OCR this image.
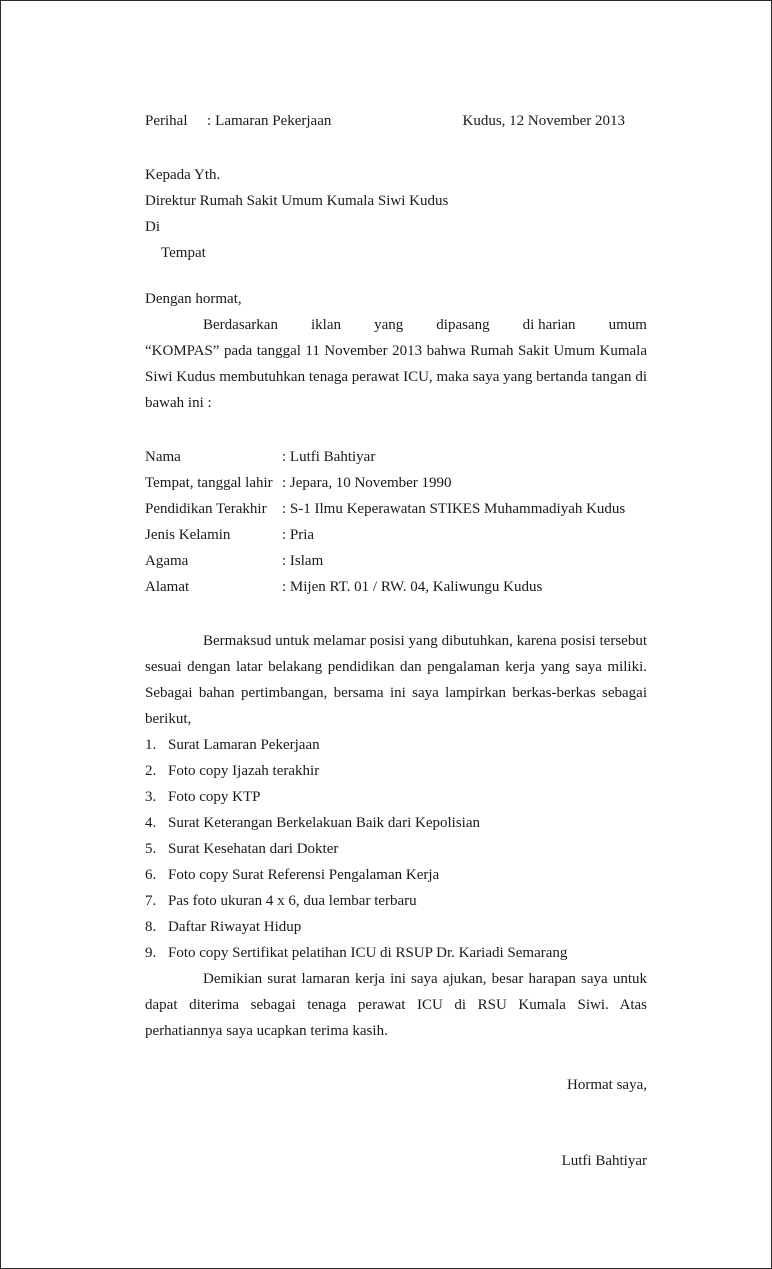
Perihal : Lamaran Pekerjaan	Kudus, 12 November 2013
Kepada Yth.
Direktur Rumah Sakit Umum Kumala Siwi Kudus
Di
Tempat
Dengan hormat,
Berdasarkan iklan yang dipasang di harian umum
“KOMPAS” pada tanggal 11 November 2013 bahwa Rumah Sakit Umum Kumala Siwi Kudus membutuhkan tenaga perawat ICU, maka saya yang bertanda tangan di bawah ini :
Nama	: Lutfi Bahtiyar
Tempat, tanggal lahir : Jepara, 10 November 1990
Pendidikan Terakhir : S-1 Ilmu Keperawatan STIKES Muhammadiyah Kudus
Jenis Kelamin	: Pria
Agama	: Islam
Alamat	: Mijen RT. 01 / RW. 04, Kaliwungu Kudus
Bermaksud untuk melamar posisi yang dibutuhkan, karena posisi tersebut sesuai dengan latar belakang pendidikan dan pengalaman kerja yang saya miliki. Sebagai bahan pertimbangan, bersama ini saya lampirkan berkas-berkas sebagai berikut,
1. Surat Lamaran Pekerjaan
2. Foto copy Ijazah terakhir
3. Foto copy KTP
4. Surat Keterangan Berkelakuan Baik dari Kepolisian
5. Surat Kesehatan dari Dokter
6. Foto copy Surat Referensi Pengalaman Kerja
7. Pas foto ukuran 4 x 6, dua lembar terbaru
8. Daftar Riwayat Hidup
9. Foto copy Sertifikat pelatihan ICU di RSUP Dr. Kariadi Semarang
Demikian surat lamaran kerja ini saya ajukan, besar harapan saya untuk dapat diterima sebagai tenaga perawat ICU di RSU Kumala Siwi. Atas perhatiannya saya ucapkan terima kasih.
Hormat saya,
Lutfi Bahtiyar
